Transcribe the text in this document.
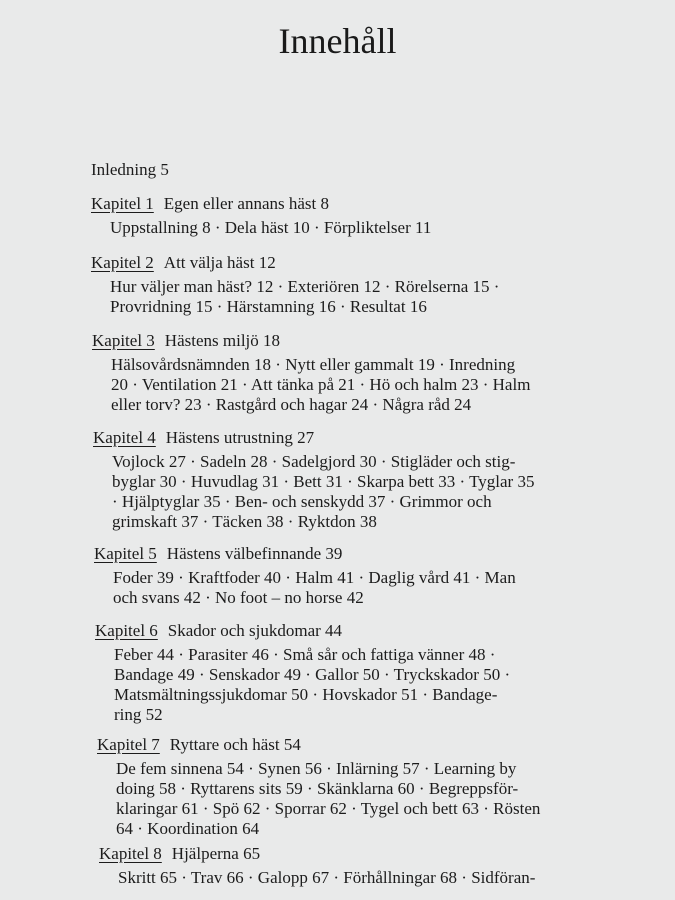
Innehåll
Inledning 5
Kapitel 1 Egen eller annans häst 8
Uppstallning 8 · Dela häst 10 · Förpliktelser 11
Kapitel 2 Att välja häst 12
Hur väljer man häst? 12 · Exteriören 12 · Rörelserna 15 ·
Provridning 15 · Härstamning 16 · Resultat 16
Kapitel 3 Hästens miljö 18
Hälsovårdsnämnden 18 · Nytt eller gammalt 19 · Inredning
20 · Ventilation 21 · Att tänka på 21 · Hö och halm 23 · Halm
eller torv? 23 · Rastgård och hagar 24 · Några råd 24
Kapitel 4 Hästens utrustning 27
Vojlock 27 · Sadeln 28 · Sadelgjord 30 · Stigläder och stig-
byglar 30 · Huvudlag 31 · Bett 31 · Skarpa bett 33 · Tyglar 35
· Hjälptyglar 35 · Ben- och senskydd 37 · Grimmor och
grimskaft 37 · Täcken 38 · Ryktdon 38
Kapitel 5 Hästens välbefinnande 39
Foder 39 · Kraftfoder 40 · Halm 41 · Daglig vård 41 · Man
och svans 42 · No foot – no horse 42
Kapitel 6 Skador och sjukdomar 44
Feber 44 · Parasiter 46 · Små sår och fattiga vänner 48 ·
Bandage 49 · Senskador 49 · Gallor 50 · Tryckskador 50 ·
Matsmältningssjukdomar 50 · Hovskador 51 · Bandage-
ring 52
Kapitel 7 Ryttare och häst 54
De fem sinnena 54 · Synen 56 · Inlärning 57 · Learning by
doing 58 · Ryttarens sits 59 · Skänklarna 60 · Begreppsför-
klaringar 61 · Spö 62 · Sporrar 62 · Tygel och bett 63 · Rösten
64 · Koordination 64
Kapitel 8 Hjälperna 65
Skritt 65 · Trav 66 · Galopp 67 · Förhållningar 68 · Sidföran-
